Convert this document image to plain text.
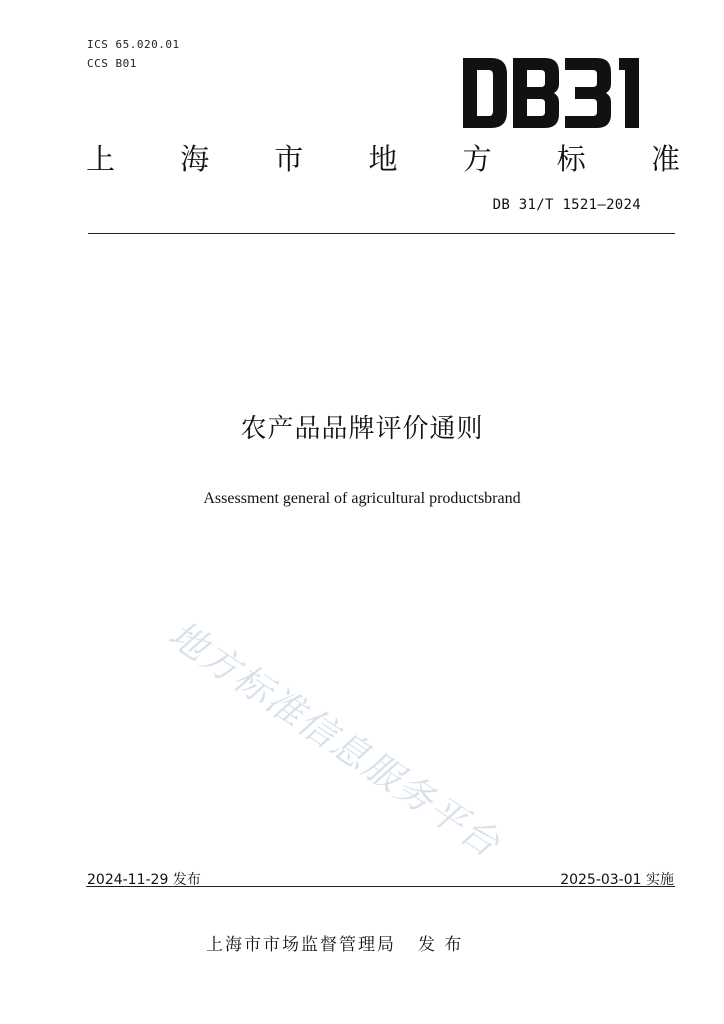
ICS 65.020.01
CCS B01
上 海 市 地 方 标 准
DB 31/T 1521—2024
农产品品牌评价通则
Assessment general of agricultural productsbrand
地方标准信息服务平台
2024-11-29 发布	2025-03-01 实施
上海市市场监督管理局 发 布
